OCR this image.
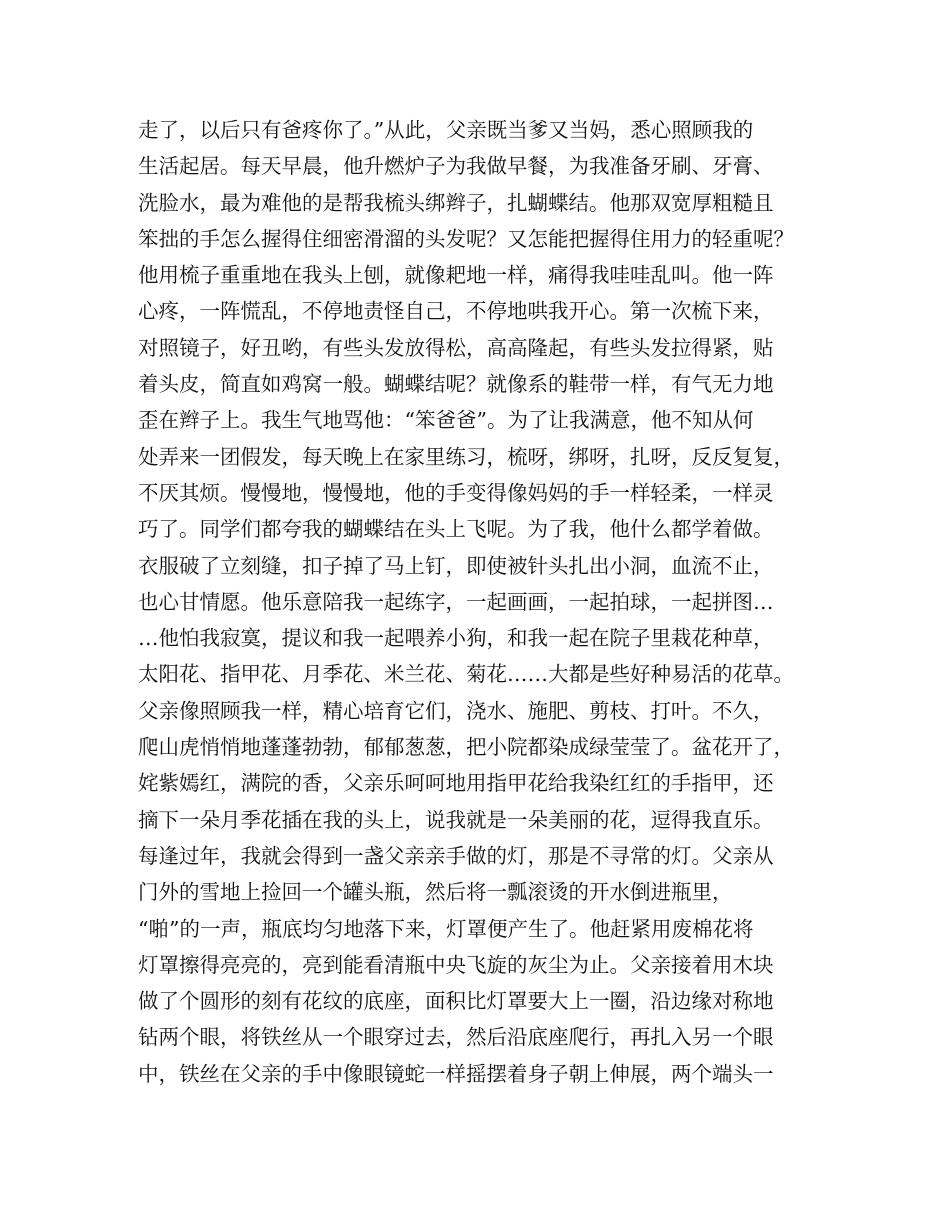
走了，以后只有爸疼你了。”从此，父亲既当爹又当妈，悉心照顾我的
生活起居。每天早晨，他升燃炉子为我做早餐，为我准备牙刷、牙膏、
洗脸水，最为难他的是帮我梳头绑辫子，扎蝴蝶结。他那双宽厚粗糙且
笨拙的手怎么握得住细密滑溜的头发呢？又怎能把握得住用力的轻重呢？
他用梳子重重地在我头上刨，就像耙地一样，痛得我哇哇乱叫。他一阵
心疼，一阵慌乱，不停地责怪自己，不停地哄我开心。第一次梳下来，
对照镜子，好丑哟，有些头发放得松，高高隆起，有些头发拉得紧，贴
着头皮，简直如鸡窝一般。蝴蝶结呢？就像系的鞋带一样，有气无力地
歪在辫子上。我生气地骂他：“笨爸爸”。为了让我满意，他不知从何
处弄来一团假发，每天晚上在家里练习，梳呀，绑呀，扎呀，反反复复，
不厌其烦。慢慢地，慢慢地，他的手变得像妈妈的手一样轻柔，一样灵
巧了。同学们都夸我的蝴蝶结在头上飞呢。为了我，他什么都学着做。
衣服破了立刻缝，扣子掉了马上钉，即使被针头扎出小洞，血流不止，
也心甘情愿。他乐意陪我一起练字，一起画画，一起拍球，一起拼图…
…他怕我寂寞，提议和我一起喂养小狗，和我一起在院子里栽花种草，
太阳花、指甲花、月季花、米兰花、菊花……大都是些好种易活的花草。
父亲像照顾我一样，精心培育它们，浇水、施肥、剪枝、打叶。不久，
爬山虎悄悄地蓬蓬勃勃，郁郁葱葱，把小院都染成绿莹莹了。盆花开了，
姹紫嫣红，满院的香，父亲乐呵呵地用指甲花给我染红红的手指甲，还
摘下一朵月季花插在我的头上，说我就是一朵美丽的花，逗得我直乐。
每逢过年，我就会得到一盏父亲亲手做的灯，那是不寻常的灯。父亲从
门外的雪地上捡回一个罐头瓶，然后将一瓢滚烫的开水倒进瓶里，
“啪”的一声，瓶底均匀地落下来，灯罩便产生了。他赶紧用废棉花将
灯罩擦得亮亮的，亮到能看清瓶中央飞旋的灰尘为止。父亲接着用木块
做了个圆形的刻有花纹的底座，面积比灯罩要大上一圈，沿边缘对称地
钻两个眼，将铁丝从一个眼穿过去，然后沿底座爬行，再扎入另一个眼
中，铁丝在父亲的手中像眼镜蛇一样摇摆着身子朝上伸展，两个端头一
